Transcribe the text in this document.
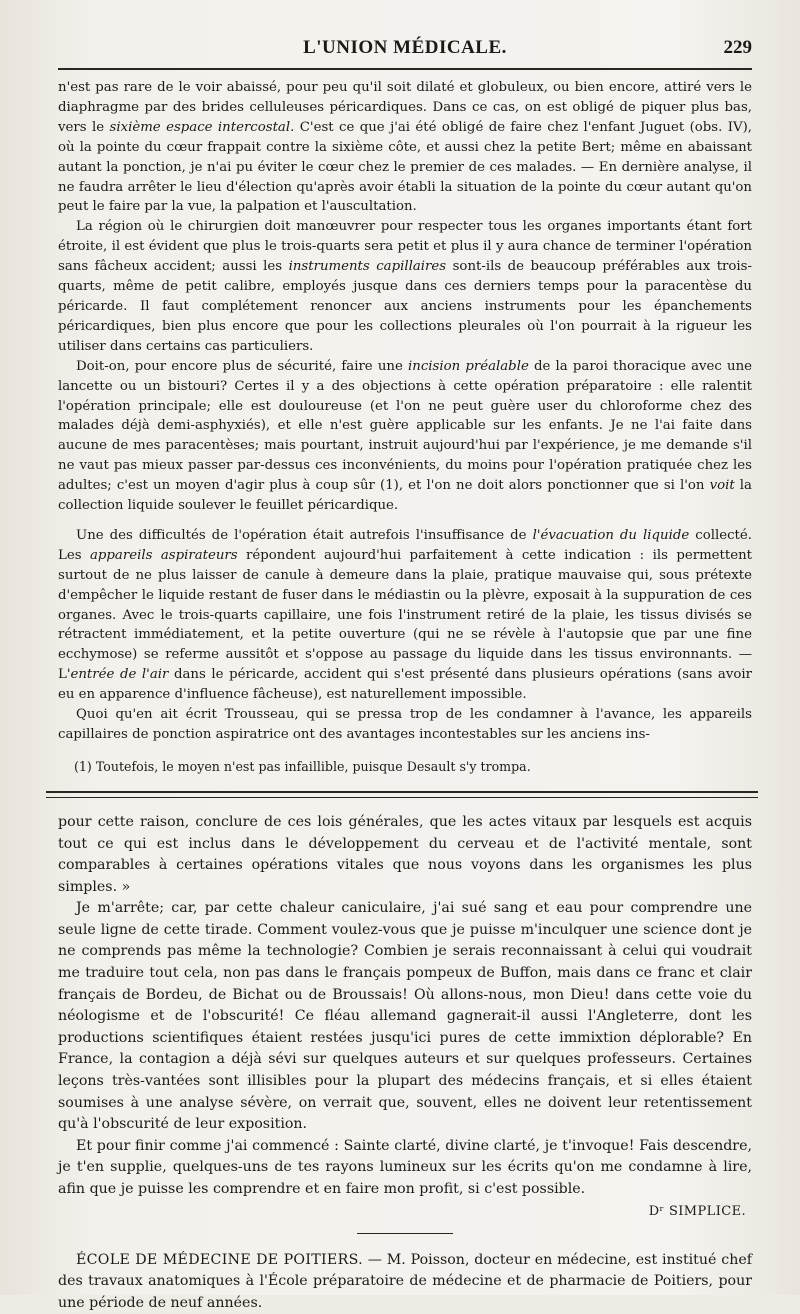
L'UNION MÉDICALE.	229

n'est pas rare de le voir abaissé, pour peu qu'il soit dilaté et globuleux, ou bien encore, attiré vers le diaphragme par des brides celluleuses péricardiques. Dans ce cas, on est obligé de piquer plus bas, vers le sixième espace intercostal. C'est ce que j'ai été obligé de faire chez l'enfant Juguet (obs. IV), où la pointe du cœur frappait contre la sixième côte, et aussi chez la petite Bert; même en abaissant autant la ponction, je n'ai pu éviter le cœur chez le premier de ces malades. — En dernière analyse, il ne faudra arrêter le lieu d'élection qu'après avoir établi la situation de la pointe du cœur autant qu'on peut le faire par la vue, la palpation et l'auscultation.

La région où le chirurgien doit manœuvrer pour respecter tous les organes importants étant fort étroite, il est évident que plus le trois-quarts sera petit et plus il y aura chance de terminer l'opération sans fâcheux accident; aussi les instruments capillaires sont-ils de beaucoup préférables aux trois-quarts, même de petit calibre, employés jusque dans ces derniers temps pour la paracentèse du péricarde. Il faut complétement renoncer aux anciens instruments pour les épanchements péricardiques, bien plus encore que pour les collections pleurales où l'on pourrait à la rigueur les utiliser dans certains cas particuliers.

Doit-on, pour encore plus de sécurité, faire une incision préalable de la paroi thoracique avec une lancette ou un bistouri? Certes il y a des objections à cette opération préparatoire : elle ralentit l'opération principale; elle est douloureuse (et l'on ne peut guère user du chloroforme chez des malades déjà demi-asphyxiés), et elle n'est guère applicable sur les enfants. Je ne l'ai faite dans aucune de mes paracentèses; mais pourtant, instruit aujourd'hui par l'expérience, je me demande s'il ne vaut pas mieux passer par-dessus ces inconvénients, du moins pour l'opération pratiquée chez les adultes; c'est un moyen d'agir plus à coup sûr (1), et l'on ne doit alors ponctionner que si l'on voit la collection liquide soulever le feuillet péricardique.

Une des difficultés de l'opération était autrefois l'insuffisance de l'évacuation du liquide collecté. Les appareils aspirateurs répondent aujourd'hui parfaitement à cette indication : ils permettent surtout de ne plus laisser de canule à demeure dans la plaie, pratique mauvaise qui, sous prétexte d'empêcher le liquide restant de fuser dans le médiastin ou la plèvre, exposait à la suppuration de ces organes. Avec le trois-quarts capillaire, une fois l'instrument retiré de la plaie, les tissus divisés se rétractent immédiatement, et la petite ouverture (qui ne se révèle à l'autopsie que par une fine ecchymose) se referme aussitôt et s'oppose au passage du liquide dans les tissus environnants. — L'entrée de l'air dans le péricarde, accident qui s'est présenté dans plusieurs opérations (sans avoir eu en apparence d'influence fâcheuse), est naturellement impossible.

Quoi qu'en ait écrit Trousseau, qui se pressa trop de les condamner à l'avance, les appareils capillaires de ponction aspiratrice ont des avantages incontestables sur les anciens ins-

(1) Toutefois, le moyen n'est pas infaillible, puisque Desault s'y trompa.

pour cette raison, conclure de ces lois générales, que les actes vitaux par lesquels est acquis tout ce qui est inclus dans le développement du cerveau et de l'activité mentale, sont comparables à certaines opérations vitales que nous voyons dans les organismes les plus simples. »

Je m'arrête; car, par cette chaleur caniculaire, j'ai sué sang et eau pour comprendre une seule ligne de cette tirade. Comment voulez-vous que je puisse m'inculquer une science dont je ne comprends pas même la technologie? Combien je serais reconnaissant à celui qui voudrait me traduire tout cela, non pas dans le français pompeux de Buffon, mais dans ce franc et clair français de Bordeu, de Bichat ou de Broussais! Où allons-nous, mon Dieu! dans cette voie du néologisme et de l'obscurité! Ce fléau allemand gagnerait-il aussi l'Angleterre, dont les productions scientifiques étaient restées jusqu'ici pures de cette immixtion déplorable? En France, la contagion a déjà sévi sur quelques auteurs et sur quelques professeurs. Certaines leçons très-vantées sont illisibles pour la plupart des médecins français, et si elles étaient soumises à une analyse sévère, on verrait que, souvent, elles ne doivent leur retentissement qu'à l'obscurité de leur exposition.

Et pour finir comme j'ai commencé : Sainte clarté, divine clarté, je t'invoque! Fais descendre, je t'en supplie, quelques-uns de tes rayons lumineux sur les écrits qu'on me condamne à lire, afin que je puisse les comprendre et en faire mon profit, si c'est possible.

Dʳ SIMPLICE.

ÉCOLE DE MÉDECINE DE POITIERS. — M. Poisson, docteur en médecine, est institué chef des travaux anatomiques à l'École préparatoire de médecine et de pharmacie de Poitiers, pour une période de neuf années.
